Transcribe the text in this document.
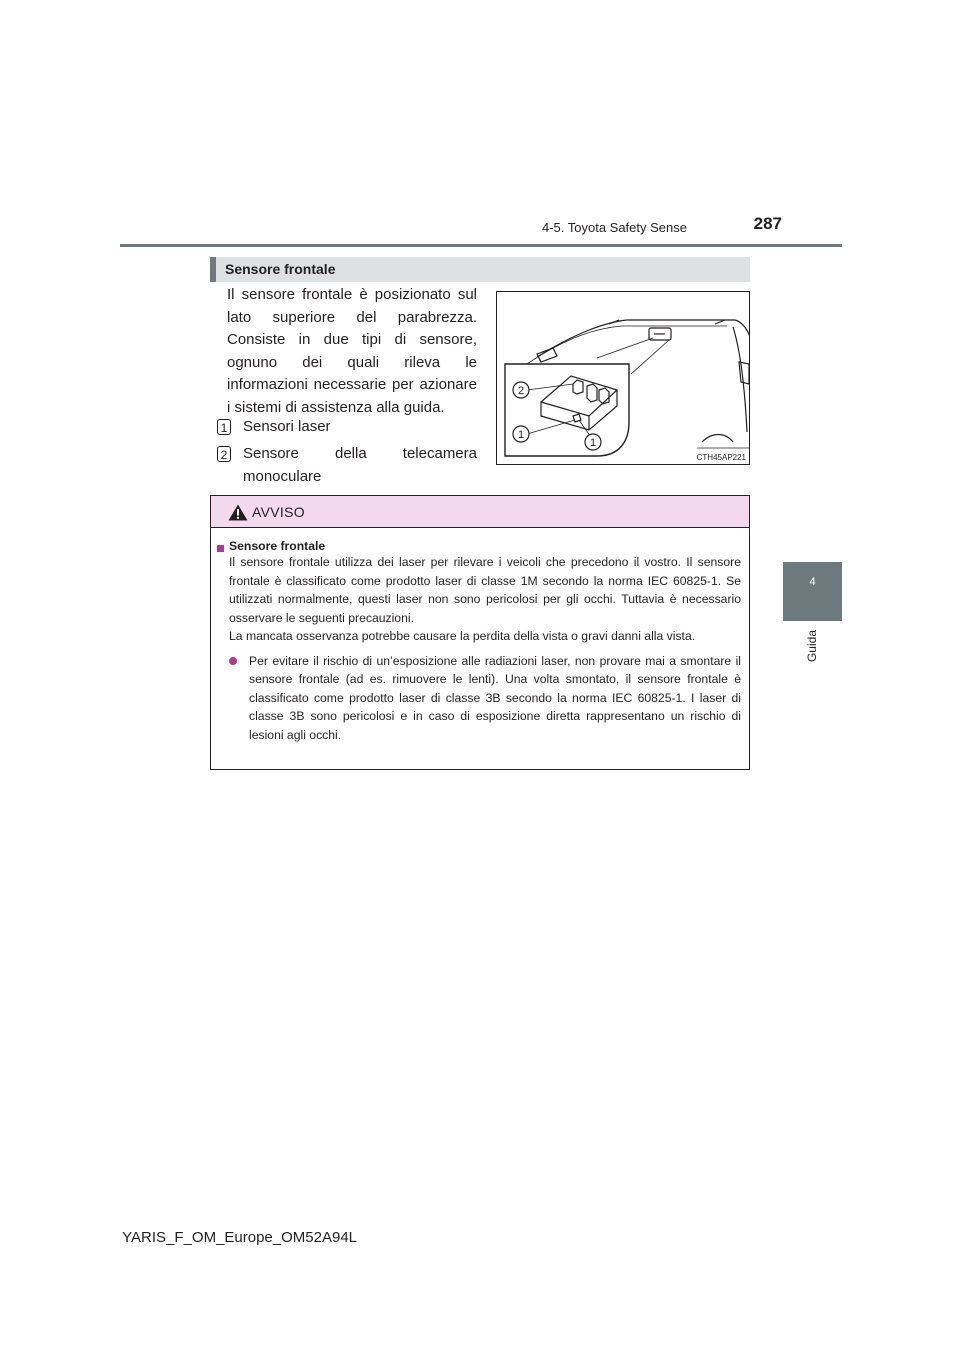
4-5. Toyota Safety Sense	287
4
Guida
Sensore frontale
Il sensore frontale è posizionato sul lato superiore del parabrezza. Consiste in due tipi di sensore, ognuno dei quali rileva le informazioni necessarie per azionare i sistemi di assistenza alla guida.
1 Sensori laser
2 Sensore della telecamera monoculare
2
1
1
CTH45AP221
AVVISO
Sensore frontale
Il sensore frontale utilizza dei laser per rilevare i veicoli che precedono il vostro. Il sensore frontale è classificato come prodotto laser di classe 1M secondo la norma IEC 60825-1. Se utilizzati normalmente, questi laser non sono pericolosi per gli occhi. Tuttavia è necessario osservare le seguenti precauzioni.
La mancata osservanza potrebbe causare la perdita della vista o gravi danni alla vista.
Per evitare il rischio di un’esposizione alle radiazioni laser, non provare mai a smontare il sensore frontale (ad es. rimuovere le lenti). Una volta smontato, il sensore frontale è classificato come prodotto laser di classe 3B secondo la norma IEC 60825-1. I laser di classe 3B sono pericolosi e in caso di esposizione diretta rappresentano un rischio di lesioni agli occhi.
YARIS_F_OM_Europe_OM52A94L
